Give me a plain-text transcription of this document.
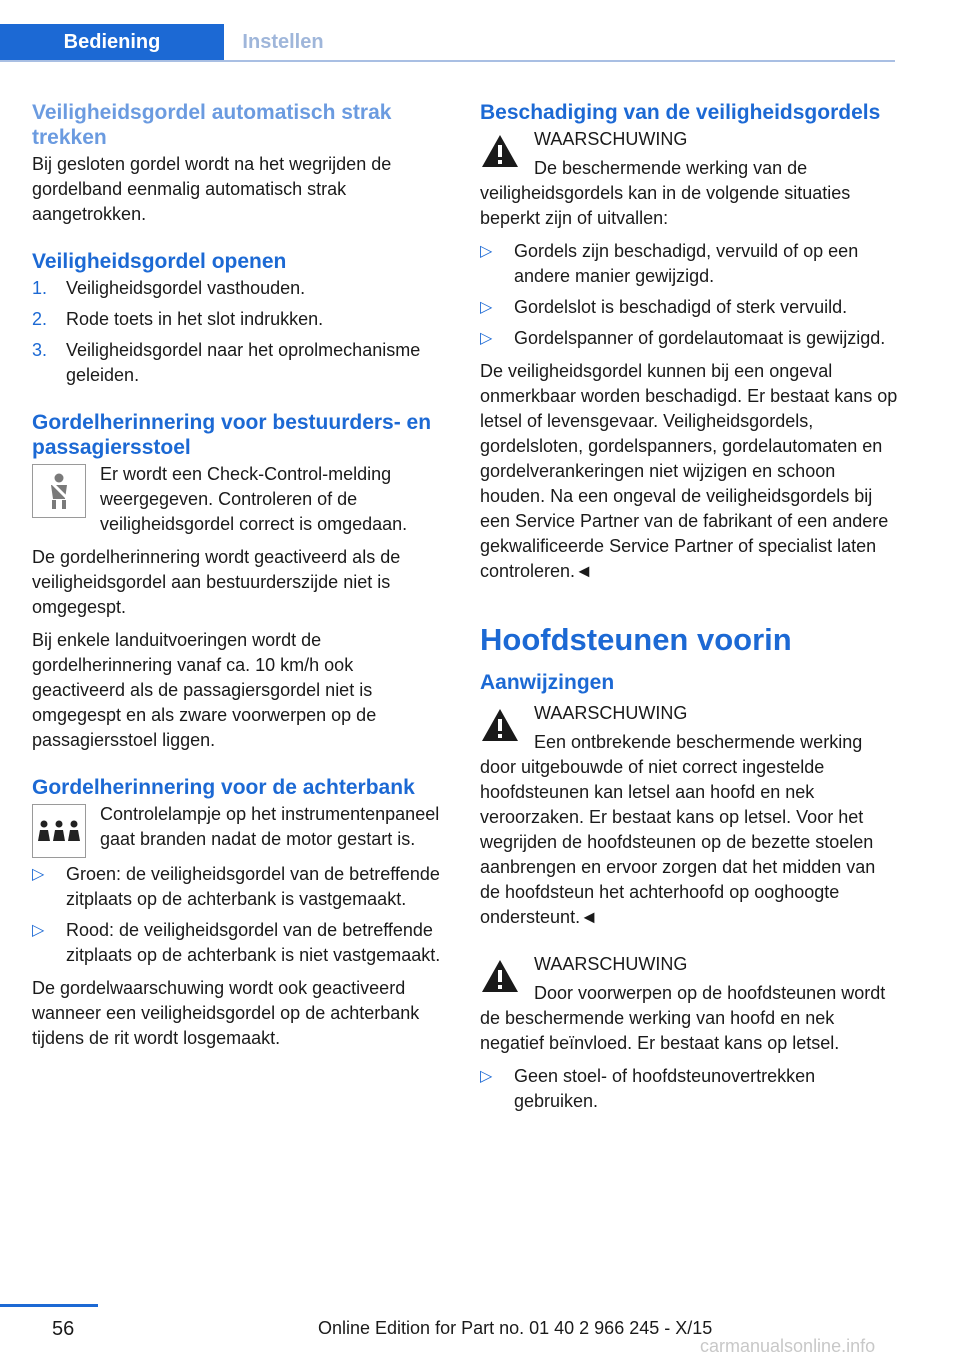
Bediening	Instellen
Veiligheidsgordel automatisch strak trekken

Bij gesloten gordel wordt na het wegrijden de gordelband eenmalig automatisch strak aangetrokken.

Veiligheidsgordel openen
1. Veiligheidsgordel vasthouden.
2. Rode toets in het slot indrukken.
3. Veiligheidsgordel naar het oprolmechanisme geleiden.
Gordelherinnering voor bestuurders- en passagiersstoel

Er wordt een Check-Control-melding weergegeven. Controleren of de veiligheidsgordel correct is omgedaan.

De gordelherinnering wordt geactiveerd als de veiligheidsgordel aan bestuurderszijde niet is omgegespt.

Bij enkele landuitvoeringen wordt de gordelherinnering vanaf ca. 10 km/h ook geactiveerd als de passagiersgordel niet is omgegespt en als zware voorwerpen op de passagiersstoel liggen.

Gordelherinnering voor de achterbank

Controlelampje op het instrumentenpaneel gaat branden nadat de motor gestart is.

▷ Groen: de veiligheidsgordel van de betreffende zitplaats op de achterbank is vastgemaakt.
▷ Rood: de veiligheidsgordel van de betreffende zitplaats op de achterbank is niet vastgemaakt.

De gordelwaarschuwing wordt ook geactiveerd wanneer een veiligheidsgordel op de achterbank tijdens de rit wordt losgemaakt.

Beschadiging van de veiligheidsgordels

WAARSCHUWING

De beschermende werking van de veiligheidsgordels kan in de volgende situaties beperkt zijn of uitvallen:

▷ Gordels zijn beschadigd, vervuild of op een andere manier gewijzigd.
▷ Gordelslot is beschadigd of sterk vervuild.
▷ Gordelspanner of gordelautomaat is gewijzigd.

De veiligheidsgordel kunnen bij een ongeval onmerkbaar worden beschadigd. Er bestaat kans op letsel of levensgevaar. Veiligheidsgordels, gordelsloten, gordelspanners, gordelautomaten en gordelverankeringen niet wijzigen en schoon houden. Na een ongeval de veiligheidsgordels bij een Service Partner van de fabrikant of een andere gekwalificeerde Service Partner of specialist laten controleren.◄

Hoofdsteunen voorin
Aanwijzingen

WAARSCHUWING

Een ontbrekende beschermende werking door uitgebouwde of niet correct ingestelde hoofdsteunen kan letsel aan hoofd en nek veroorzaken. Er bestaat kans op letsel. Voor het wegrijden de hoofdsteunen op de bezette stoelen aanbrengen en ervoor zorgen dat het midden van de hoofdsteun het achterhoofd op ooghoogte ondersteunt.◄

WAARSCHUWING

Door voorwerpen op de hoofdsteunen wordt de beschermende werking van hoofd en nek negatief beïnvloed. Er bestaat kans op letsel.

▷ Geen stoel- of hoofdsteunovertrekken gebruiken.
56	Online Edition for Part no. 01 40 2 966 245 - X/15
carmanualsonline.info
